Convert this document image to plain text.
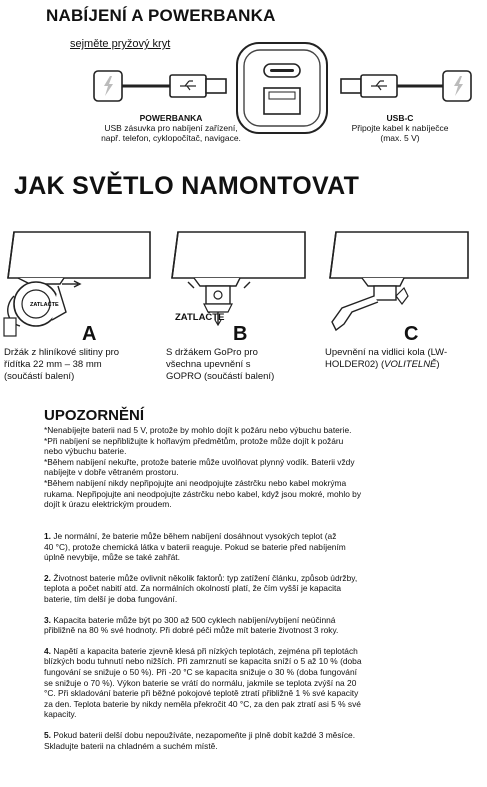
NABÍJENÍ A POWERBANKA
sejměte pryžový kryt
POWERBANKA
USB zásuvka pro nabíjení zařízení,
např. telefon, cyklopočítač, navigace.
USB-C
Připojte kabel k nabíječce
(max. 5 V)
JAK SVĚTLO NAMONTOVAT
ZATLAČTE
A
ZATLAČTE
B	C
Držák z hliníkové slitiny pro
řídítka 22 mm – 38 mm
(součástí balení)
S držákem GoPro pro
všechna upevnění s
GOPRO (součástí balení)
Upevnění na vidlici kola (LW-
HOLDER02) (VOLITELNĚ)
UPOZORNĚNÍ
*Nenabíjejte baterii nad 5 V, protože by mohlo dojít k požáru nebo výbuchu baterie.
*Při nabíjení se nepřibližujte k hořlavým předmětům, protože může dojít k požáru
nebo výbuchu baterie.
*Během nabíjení nekuřte, protože baterie může uvolňovat plynný vodík. Baterii vždy
nabíjejte v dobře větraném prostoru.
*Během nabíjení nikdy nepřipojujte ani neodpojujte zástrčku nebo kabel mokrýma
rukama. Nepřipojujte ani neodpojujte zástrčku nebo kabel, když jsou mokré, mohlo by
dojít k úrazu elektrickým proudem.
1. Je normální, že baterie může během nabíjení dosáhnout vysokých teplot (až
40 °C), protože chemická látka v baterii reaguje. Pokud se baterie před nabíjením
úplně nevybije, může se také zahřát.
2. Životnost baterie může ovlivnit několik faktorů: typ zatížení článku, způsob údržby,
teplota a počet nabití atd. Za normálních okolností platí, že čím vyšší je kapacita
baterie, tím delší je doba fungování.
3. Kapacita baterie může být po 300 až 500 cyklech nabíjení/vybíjení neúčinná
přibližně na 80 % své hodnoty. Při dobré péči může mít baterie životnost 3 roky.
4. Napětí a kapacita baterie zjevně klesá při nízkých teplotách, zejména při teplotách
blízkých bodu tuhnutí nebo nižších. Při zamrznutí se kapacita sníží o 5 až 10 % (doba
fungování se snižuje o 50 %). Při -20 °C se kapacita snižuje o 30 % (doba fungování
se snižuje o 70 %). Výkon baterie se vrátí do normálu, jakmile se teplota zvýší na 20
°C. Při skladování baterie při běžné pokojové teplotě ztratí přibližně 1 % své kapacity
za den. Teplota baterie by nikdy neměla překročit 40 °C, za den pak ztratí asi 5 % své
kapacity.
5. Pokud baterii delší dobu nepoužíváte, nezapomeňte ji plně dobít každé 3 měsíce.
Skladujte baterii na chladném a suchém místě.
